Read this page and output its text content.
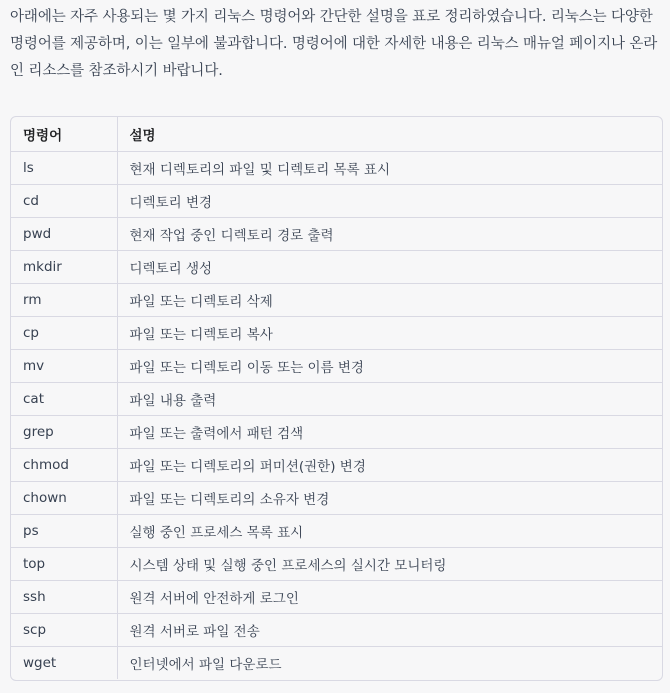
아래에는 자주 사용되는 몇 가지 리눅스 명령어와 간단한 설명을 표로 정리하였습니다. 리눅스는 다양한 명령어를 제공하며, 이는 일부에 불과합니다. 명령어에 대한 자세한 내용은 리눅스 매뉴얼 페이지나 온라인 리소스를 참조하시기 바랍니다.

명령어	설명
ls	현재 디렉토리의 파일 및 디렉토리 목록 표시
cd	디렉토리 변경
pwd	현재 작업 중인 디렉토리 경로 출력
mkdir	디렉토리 생성
rm	파일 또는 디렉토리 삭제
cp	파일 또는 디렉토리 복사
mv	파일 또는 디렉토리 이동 또는 이름 변경
cat	파일 내용 출력
grep	파일 또는 출력에서 패턴 검색
chmod	파일 또는 디렉토리의 퍼미션(권한) 변경
chown	파일 또는 디렉토리의 소유자 변경
ps	실행 중인 프로세스 목록 표시
top	시스템 상태 및 실행 중인 프로세스의 실시간 모니터링
ssh	원격 서버에 안전하게 로그인
scp	원격 서버로 파일 전송
wget	인터넷에서 파일 다운로드
